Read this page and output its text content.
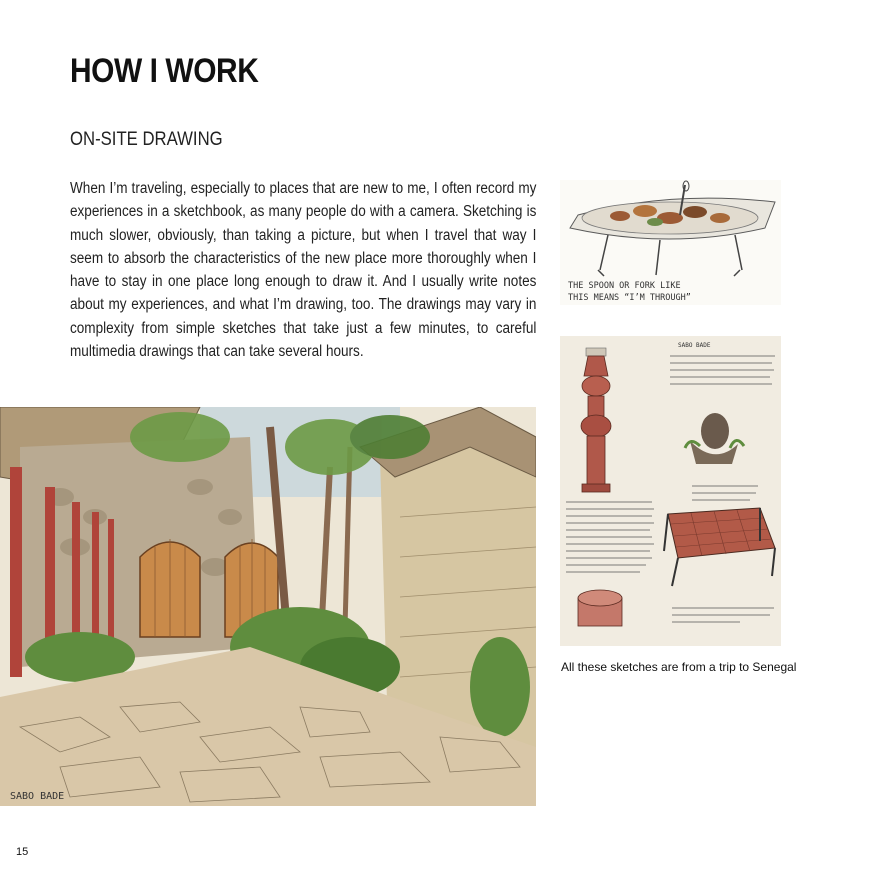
HOW I WORK
ON-SITE DRAWING

When I’m traveling, especially to places that are new to me, I often record my experiences in a sketchbook, as many people do with a camera. Sketching is much slower, obviously, than taking a picture, but when I travel that way I seem to absorb the characteristics of the new place more thoroughly when I have to stay in one place long enough to draw it. And I usually write notes about my experiences, and what I’m drawing, too. The drawings may vary in complexity from simple sketches that take just a few minutes, to careful multimedia drawings that can take several hours.

THE SPOON OR FORK LIKE
THIS MEANS “I’M THROUGH”
SABO BADE
SABO BADE

All these sketches are from a trip to Senegal

15
